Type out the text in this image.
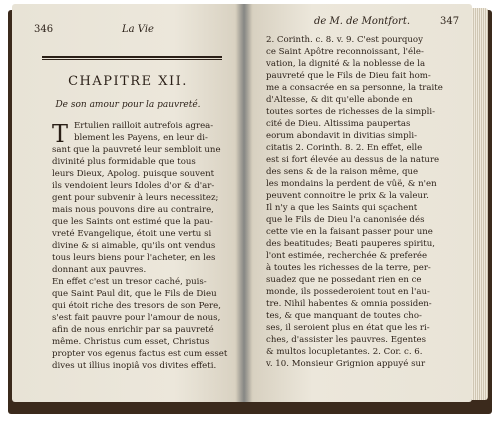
346	La Vie
CHAPITRE XII.
De son amour pour la pauvreté.
T Ertulien railloit autrefois agrea-
blement les Payens, en leur di-
sant que la pauvreté leur sembloit une
divinité plus formidable que tous
leurs Dieux, Apolog. puisque souvent
ils vendoient leurs Idoles d'or & d'ar-
gent pour subvenir à leurs necessitez;
mais nous pouvons dire au contraire,
que les Saints ont estimé que la pau-
vreté Evangelique, étoit une vertu si
divine & si aimable, qu'ils ont vendus
tous leurs biens pour l'acheter, en les
donnant aux pauvres.
En effet c'est un tresor caché, puis-
que Saint Paul dit, que le Fils de Dieu
qui étoit riche des tresors de son Pere,
s'est fait pauvre pour l'amour de nous,
afin de nous enrichir par sa pauvreté
même. Christus cum esset, Christus
propter vos egenus factus est cum esset
dives ut illius inopiâ vos divites effeti.
de M. de Montfort.	347
2. Corinth. c. 8. v. 9. C'est pourquoy
ce Saint Apôtre reconnoissant, l'éle-
vation, la dignité & la noblesse de la
pauvreté que le Fils de Dieu fait hom-
me a consacrée en sa personne, la traite
d'Altesse, & dit qu'elle abonde en
toutes sortes de richesses de la simpli-
cité de Dieu. Altissima paupertas
eorum abondavit in divitias simpli-
citatis 2. Corinth. 8. 2. En effet, elle
est si fort élevée au dessus de la nature
des sens & de la raison même, que
les mondains la perdent de vûë, & n'en
peuvent connoitre le prix & la valeur.
Il n'y a que les Saints qui sçachent
que le Fils de Dieu l'a canonisée dés
cette vie en la faisant passer pour une
des beatitudes; Beati pauperes spiritu,
l'ont estimée, recherchée & preferée
à toutes les richesses de la terre, per-
suadez que ne possedant rien en ce
monde, ils possederoient tout en l'au-
tre. Nihil habentes & omnia possiden-
tes, & que manquant de toutes cho-
ses, il seroient plus en état que les ri-
ches, d'assister les pauvres. Egentes
& multos locupletantes. 2. Cor. c. 6.
v. 10. Monsieur Grignion appuyé sur
